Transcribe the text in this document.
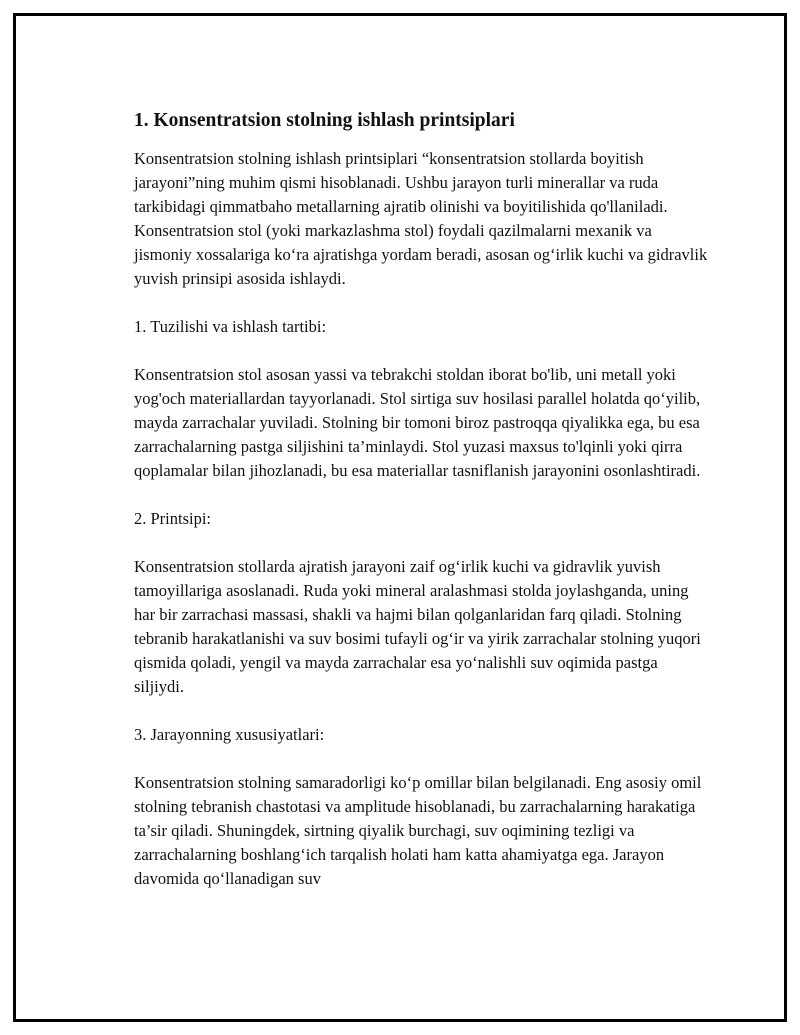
1. Konsentratsion stolning ishlash printsiplari

Konsentratsion stolning ishlash printsiplari “konsentratsion stollarda boyitish jarayoni”ning muhim qismi hisoblanadi. Ushbu jarayon turli minerallar va ruda tarkibidagi qimmatbaho metallarning ajratib olinishi va boyitilishida qo'llaniladi. Konsentratsion stol (yoki markazlashma stol) foydali qazilmalarni mexanik va jismoniy xossalariga ko‘ra ajratishga yordam beradi, asosan og‘irlik kuchi va gidravlik yuvish prinsipi asosida ishlaydi.

1. Tuzilishi va ishlash tartibi:

Konsentratsion stol asosan yassi va tebrakchi stoldan iborat bo'lib, uni metall yoki yog'och materiallardan tayyorlanadi. Stol sirtiga suv hosilasi parallel holatda qo‘yilib, mayda zarrachalar yuviladi. Stolning bir tomoni biroz pastroqqa qiyalikka ega, bu esa zarrachalarning pastga siljishini ta’minlaydi. Stol yuzasi maxsus to'lqinli yoki qirra qoplamalar bilan jihozlanadi, bu esa materiallar tasniflanish jarayonini osonlashtiradi.

2. Printsipi:

Konsentratsion stollarda ajratish jarayoni zaif og‘irlik kuchi va gidravlik yuvish tamoyillariga asoslanadi. Ruda yoki mineral aralashmasi stolda joylashganda, uning har bir zarrachasi massasi, shakli va hajmi bilan qolganlaridan farq qiladi. Stolning tebranib harakatlanishi va suv bosimi tufayli og‘ir va yirik zarrachalar stolning yuqori qismida qoladi, yengil va mayda zarrachalar esa yo‘nalishli suv oqimida pastga siljiydi.

3. Jarayonning xususiyatlari:

Konsentratsion stolning samaradorligi ko‘p omillar bilan belgilanadi. Eng asosiy omil stolning tebranish chastotasi va amplitude hisoblanadi, bu zarrachalarning harakatiga ta’sir qiladi. Shuningdek, sirtning qiyalik burchagi, suv oqimining tezligi va zarrachalarning boshlang‘ich tarqalish holati ham katta ahamiyatga ega. Jarayon davomida qo‘llanadigan suv
